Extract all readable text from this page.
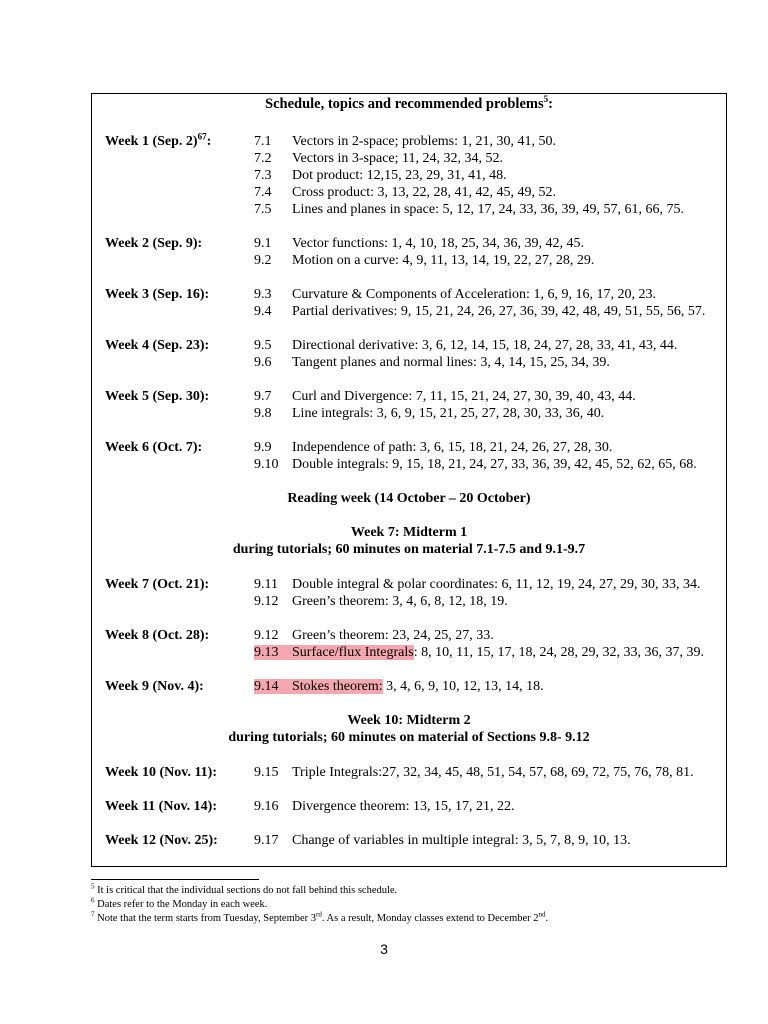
Schedule, topics and recommended problems$^5$:
Week 1 (Sep. 2)$^{67}$:	7.1 Vectors in 2-space; problems: 1, 21, 30, 41, 50.
7.2 Vectors in 3-space; 11, 24, 32, 34, 52.
7.3 Dot product: 12,15, 23, 29, 31, 41, 48.
7.4 Cross product: 3, 13, 22, 28, 41, 42, 45, 49, 52.
7.5 Lines and planes in space: 5, 12, 17, 24, 33, 36, 39, 49, 57, 61, 66, 75.
Week 2 (Sep. 9):	9.1 Vector functions: 1, 4, 10, 18, 25, 34, 36, 39, 42, 45.
9.2 Motion on a curve: 4, 9, 11, 13, 14, 19, 22, 27, 28, 29.
Week 3 (Sep. 16):	9.3 Curvature & Components of Acceleration: 1, 6, 9, 16, 17, 20, 23.
9.4 Partial derivatives: 9, 15, 21, 24, 26, 27, 36, 39, 42, 48, 49, 51, 55, 56, 57.
Week 4 (Sep. 23):	9.5 Directional derivative: 3, 6, 12, 14, 15, 18, 24, 27, 28, 33, 41, 43, 44.
9.6 Tangent planes and normal lines: 3, 4, 14, 15, 25, 34, 39.
Week 5 (Sep. 30):	9.7 Curl and Divergence: 7, 11, 15, 21, 24, 27, 30, 39, 40, 43, 44.
9.8 Line integrals: 3, 6, 9, 15, 21, 25, 27, 28, 30, 33, 36, 40.
Week 6 (Oct. 7):	9.9 Independence of path: 3, 6, 15, 18, 21, 24, 26, 27, 28, 30.
9.10 Double integrals: 9, 15, 18, 21, 24, 27, 33, 36, 39, 42, 45, 52, 62, 65, 68.
Reading week (14 October – 20 October)
Week 7: Midterm 1
during tutorials; 60 minutes on material 7.1-7.5 and 9.1-9.7
Week 7 (Oct. 21):	9.11 Double integral & polar coordinates: 6, 11, 12, 19, 24, 27, 29, 30, 33, 34.
9.12 Green’s theorem: 3, 4, 6, 8, 12, 18, 19.
Week 8 (Oct. 28):	9.12 Green’s theorem: 23, 24, 25, 27, 33.
9.13 Surface/flux Integrals: 8, 10, 11, 15, 17, 18, 24, 28, 29, 32, 33, 36, 37, 39.
Week 9 (Nov. 4):	9.14 Stokes theorem: 3, 4, 6, 9, 10, 12, 13, 14, 18.
Week 10: Midterm 2
during tutorials; 60 minutes on material of Sections 9.8- 9.12
Week 10 (Nov. 11):	9.15 Triple Integrals:27, 32, 34, 45, 48, 51, 54, 57, 68, 69, 72, 75, 76, 78, 81.
Week 11 (Nov. 14):	9.16 Divergence theorem: 13, 15, 17, 21, 22.
Week 12 (Nov. 25):	9.17 Change of variables in multiple integral: 3, 5, 7, 8, 9, 10, 13.
$^5$ It is critical that the individual sections do not fall behind this schedule.
$^6$ Dates refer to the Monday in each week.
$^7$ Note that the term starts from Tuesday, September 3rd. As a result, Monday classes extend to December 2nd.
3
